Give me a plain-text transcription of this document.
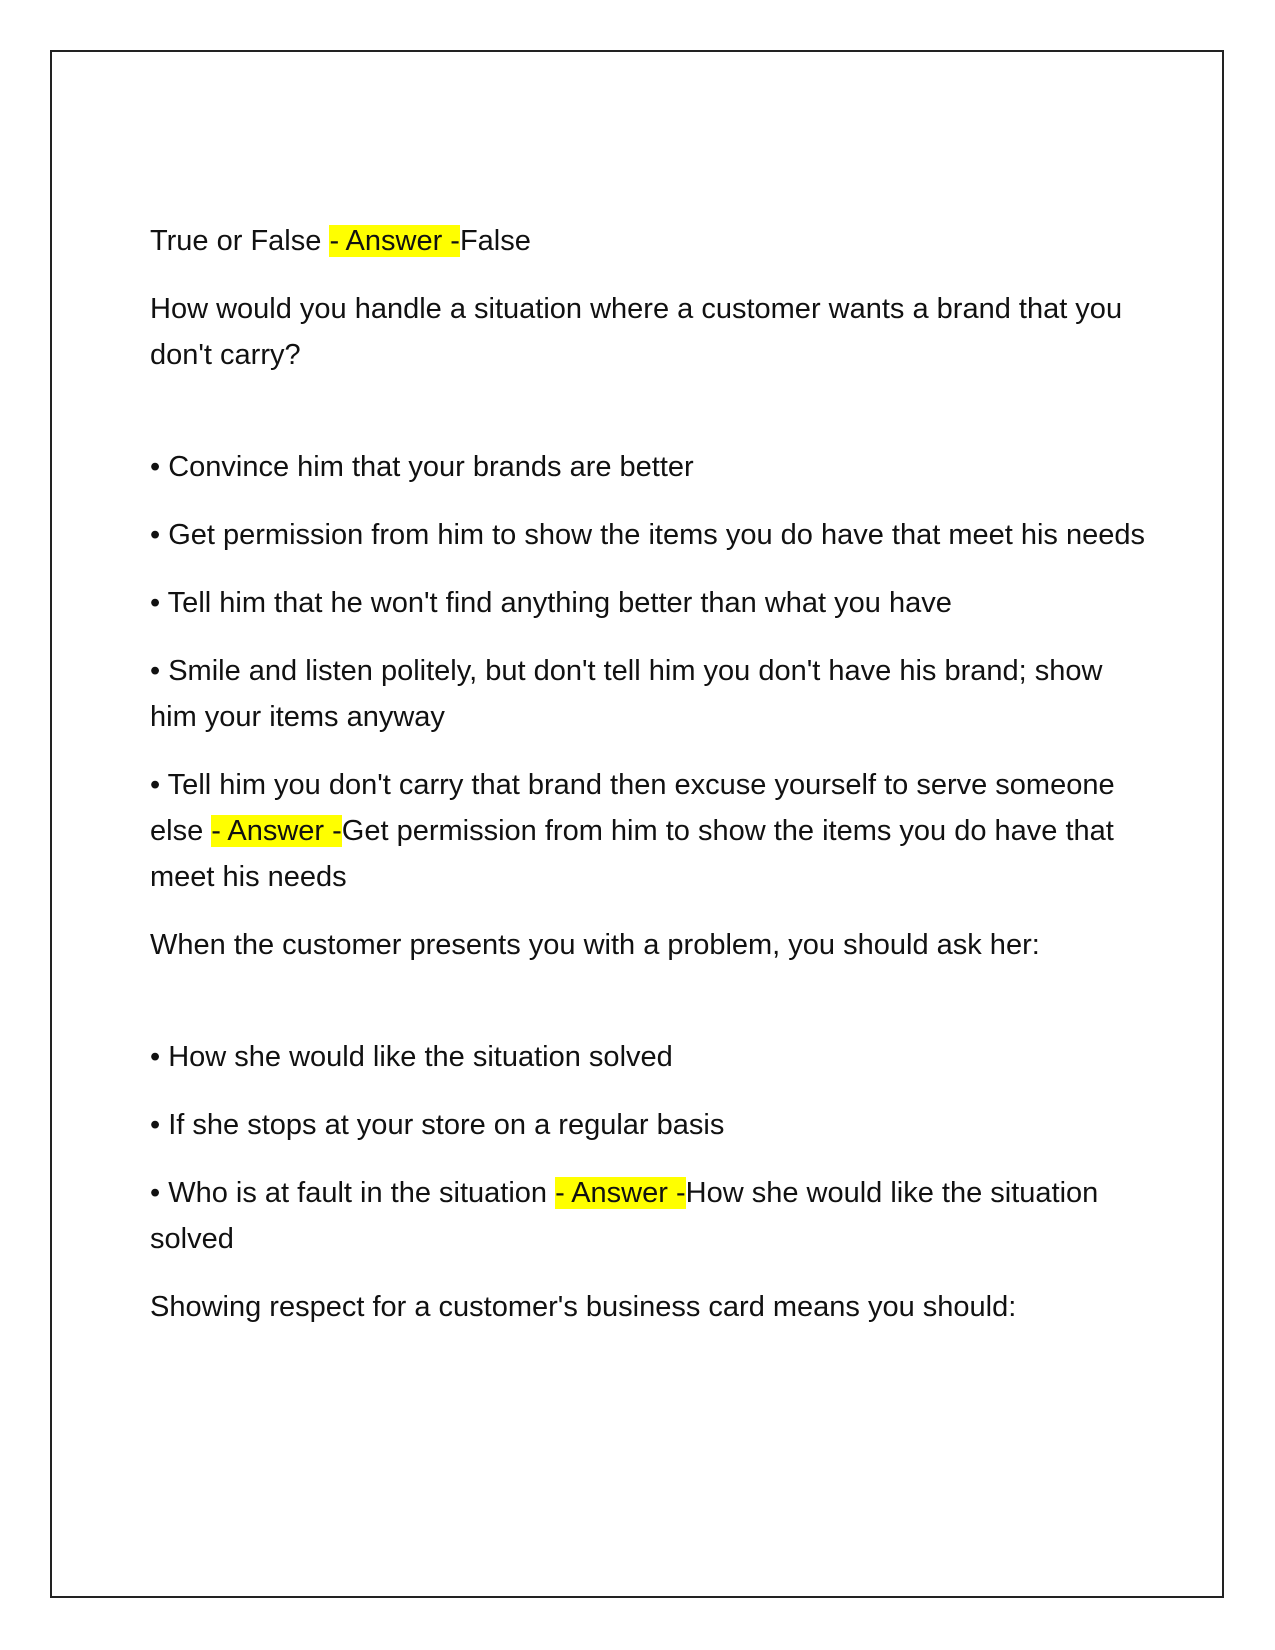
True or False - Answer -False

How would you handle a situation where a customer wants a brand that you don't carry?

• Convince him that your brands are better

• Get permission from him to show the items you do have that meet his needs

• Tell him that he won't find anything better than what you have

• Smile and listen politely, but don't tell him you don't have his brand; show him your items anyway

• Tell him you don't carry that brand then excuse yourself to serve someone else - Answer -Get permission from him to show the items you do have that meet his needs

When the customer presents you with a problem, you should ask her:

• How she would like the situation solved

• If she stops at your store on a regular basis

• Who is at fault in the situation - Answer -How she would like the situation solved

Showing respect for a customer's business card means you should:
